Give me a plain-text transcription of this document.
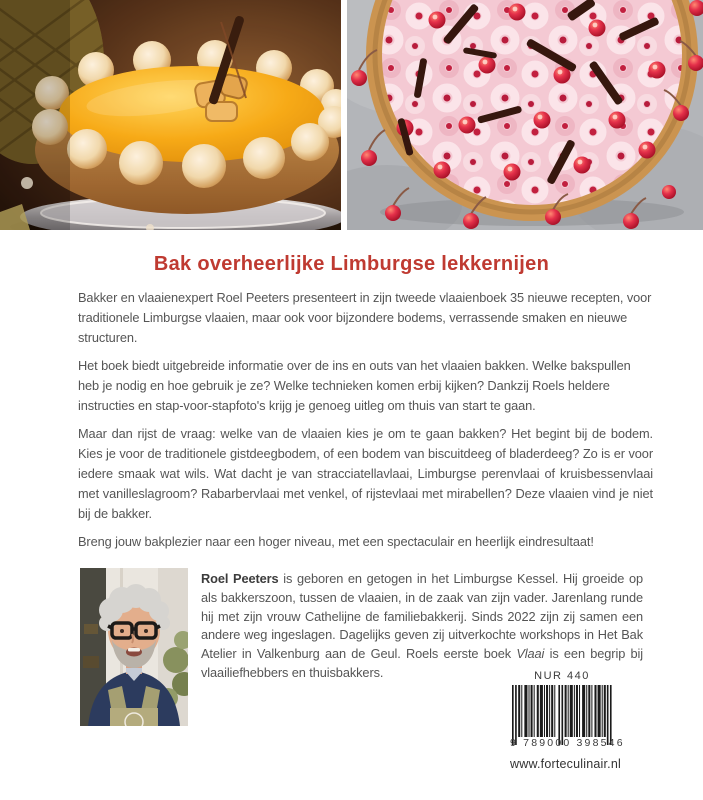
Bak overheerlijke Limburgse lekkernijen

Bakker en vlaaienexpert Roel Peeters presenteert in zijn tweede vlaaienboek 35 nieuwe recepten, voor traditionele Limburgse vlaaien, maar ook voor bijzondere bodems, verrassende smaken en nieuwe structuren.

Het boek biedt uitgebreide informatie over de ins en outs van het vlaaien bakken. Welke bakspullen heb je nodig en hoe gebruik je ze? Welke technieken komen erbij kijken? Dankzij Roels heldere instructies en stap-voor-stapfoto's krijg je genoeg uitleg om thuis van start te gaan.

Maar dan rijst de vraag: welke van de vlaaien kies je om te gaan bakken? Het begint bij de bodem. Kies je voor de traditionele gistdeegbodem, of een bodem van biscuitdeeg of bladerdeeg? Zo is er voor iedere smaak wat wils. Wat dacht je van stracciatellavlaai, Limburgse perenvlaai of kruisbessenvlaai met vanilleslagroom? Rabarbervlaai met venkel, of rijstevlaai met mirabellen? Deze vlaaien vind je niet bij de bakker.

Breng jouw bakplezier naar een hoger niveau, met een spectaculair en heerlijk eindresultaat!

Roel Peeters is geboren en getogen in het Limburgse Kessel. Hij groeide op als bakkerszoon, tussen de vlaaien, in de zaak van zijn vader. Jarenlang runde hij met zijn vrouw Cathelijne de familiebakkerij. Sinds 2022 zijn zij samen een andere weg ingeslagen. Dagelijks geven zij uitverkochte workshops in Het Bak Atelier in Valkenburg aan de Geul. Roels eerste boek Vlaai is een begrip bij vlaailiefhebbers en thuisbakkers.	NUR 440
9 789000 398546
www.forteculinair.nl
